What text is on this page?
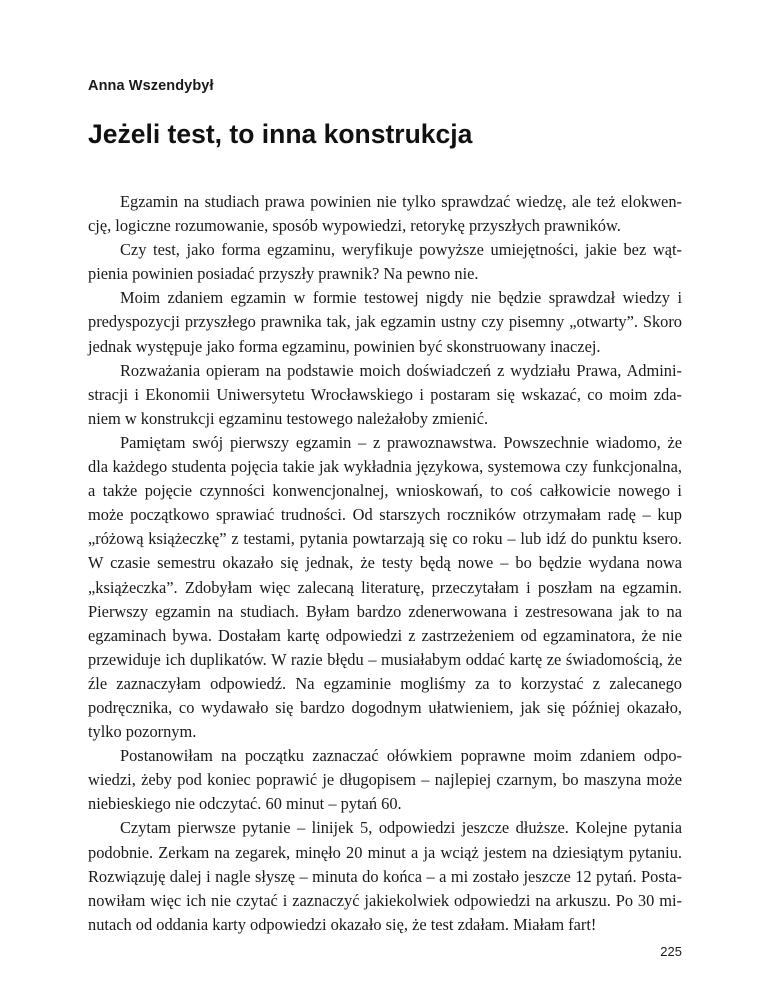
Anna Wszendybył
Jeżeli test, to inna konstrukcja

Egzamin na studiach prawa powinien nie tylko sprawdzać wiedzę, ale też elokwencję, logiczne rozumowanie, sposób wypowiedzi, retorykę przyszłych prawników.

Czy test, jako forma egzaminu, weryfikuje powyższe umiejętności, jakie bez wątpienia powinien posiadać przyszły prawnik? Na pewno nie.

Moim zdaniem egzamin w formie testowej nigdy nie będzie sprawdzał wiedzy i predyspozycji przyszłego prawnika tak, jak egzamin ustny czy pisemny „otwarty”. Skoro jednak występuje jako forma egzaminu, powinien być skonstruowany inaczej.

Rozważania opieram na podstawie moich doświadczeń z wydziału Prawa, Administracji i Ekonomii Uniwersytetu Wrocławskiego i postaram się wskazać, co moim zdaniem w konstrukcji egzaminu testowego należałoby zmienić.

Pamiętam swój pierwszy egzamin – z prawoznawstwa. Powszechnie wiadomo, że dla każdego studenta pojęcia takie jak wykładnia językowa, systemowa czy funkcjonalna, a także pojęcie czynności konwencjonalnej, wnioskowań, to coś całkowicie nowego i może początkowo sprawiać trudności. Od starszych roczników otrzymałam radę – kup „różową książeczkę” z testami, pytania powtarzają się co roku – lub idź do punktu ksero. W czasie semestru okazało się jednak, że testy będą nowe – bo będzie wydana nowa „książeczka”. Zdobyłam więc zalecaną literaturę, przeczytałam i poszłam na egzamin. Pierwszy egzamin na studiach. Byłam bardzo zdenerwowana i zestresowana jak to na egzaminach bywa. Dostałam kartę odpowiedzi z zastrzeżeniem od egzaminatora, że nie przewiduje ich duplikatów. W razie błędu – musiałabym oddać kartę ze świadomością, że źle zaznaczyłam odpowiedź. Na egzaminie mogliśmy za to korzystać z zalecanego podręcznika, co wydawało się bardzo dogodnym ułatwieniem, jak się później okazało, tylko pozornym.

Postanowiłam na początku zaznaczać ołówkiem poprawne moim zdaniem odpowiedzi, żeby pod koniec poprawić je długopisem – najlepiej czarnym, bo maszyna może niebieskiego nie odczytać. 60 minut – pytań 60.

Czytam pierwsze pytanie – linijek 5, odpowiedzi jeszcze dłuższe. Kolejne pytania podobnie. Zerkam na zegarek, minęło 20 minut a ja wciąż jestem na dziesiątym pytaniu. Rozwiązuję dalej i nagle słyszę – minuta do końca – a mi zostało jeszcze 12 pytań. Postanowiłam więc ich nie czytać i zaznaczyć jakiekolwiek odpowiedzi na arkuszu. Po 30 minutach od oddania karty odpowiedzi okazało się, że test zdałam. Miałam fart!

225
